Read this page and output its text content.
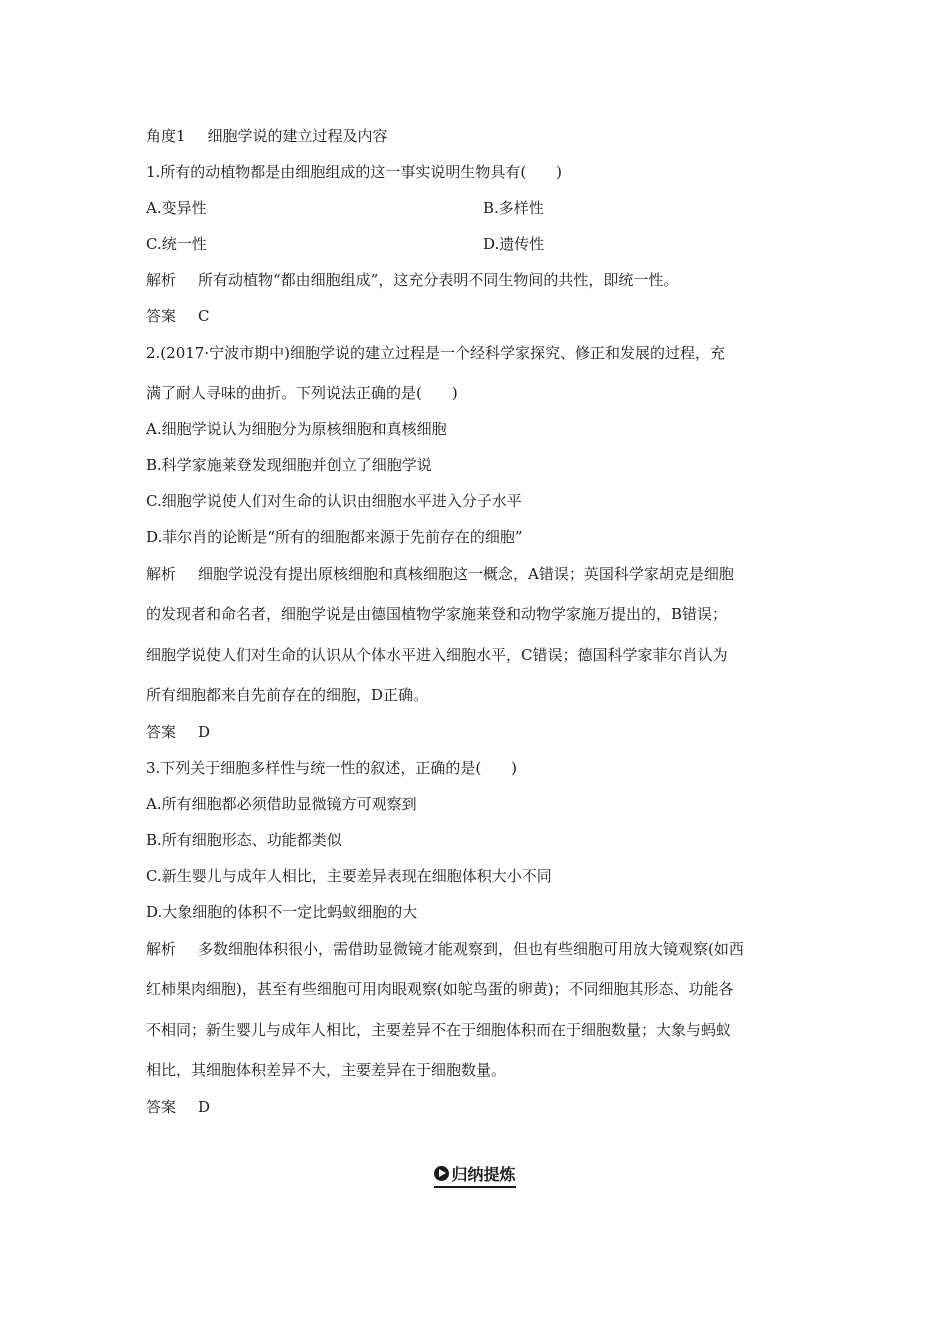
角度1 细胞学说的建立过程及内容
1.所有的动植物都是由细胞组成的这一事实说明生物具有(　　)
A.变异性	B.多样性
C.统一性	D.遗传性
解析 所有动植物“都由细胞组成”，这充分表明不同生物间的共性，即统一性。
答案 C
2.(2017·宁波市期中)细胞学说的建立过程是一个经科学家探究、修正和发展的过程，充
满了耐人寻味的曲折。下列说法正确的是(　　)
A.细胞学说认为细胞分为原核细胞和真核细胞
B.科学家施莱登发现细胞并创立了细胞学说
C.细胞学说使人们对生命的认识由细胞水平进入分子水平
D.菲尔肖的论断是“所有的细胞都来源于先前存在的细胞”
解析 细胞学说没有提出原核细胞和真核细胞这一概念，A错误；英国科学家胡克是细胞
的发现者和命名者，细胞学说是由德国植物学家施莱登和动物学家施万提出的，B错误；
细胞学说使人们对生命的认识从个体水平进入细胞水平，C错误；德国科学家菲尔肖认为
所有细胞都来自先前存在的细胞，D正确。
答案 D
3.下列关于细胞多样性与统一性的叙述，正确的是(　　)
A.所有细胞都必须借助显微镜方可观察到
B.所有细胞形态、功能都类似
C.新生婴儿与成年人相比，主要差异表现在细胞体积大小不同
D.大象细胞的体积不一定比蚂蚁细胞的大
解析 多数细胞体积很小，需借助显微镜才能观察到，但也有些细胞可用放大镜观察(如西
红柿果肉细胞)，甚至有些细胞可用肉眼观察(如鸵鸟蛋的卵黄)；不同细胞其形态、功能各
不相同；新生婴儿与成年人相比，主要差异不在于细胞体积而在于细胞数量；大象与蚂蚁
相比，其细胞体积差异不大，主要差异在于细胞数量。
答案 D
归纳提炼
